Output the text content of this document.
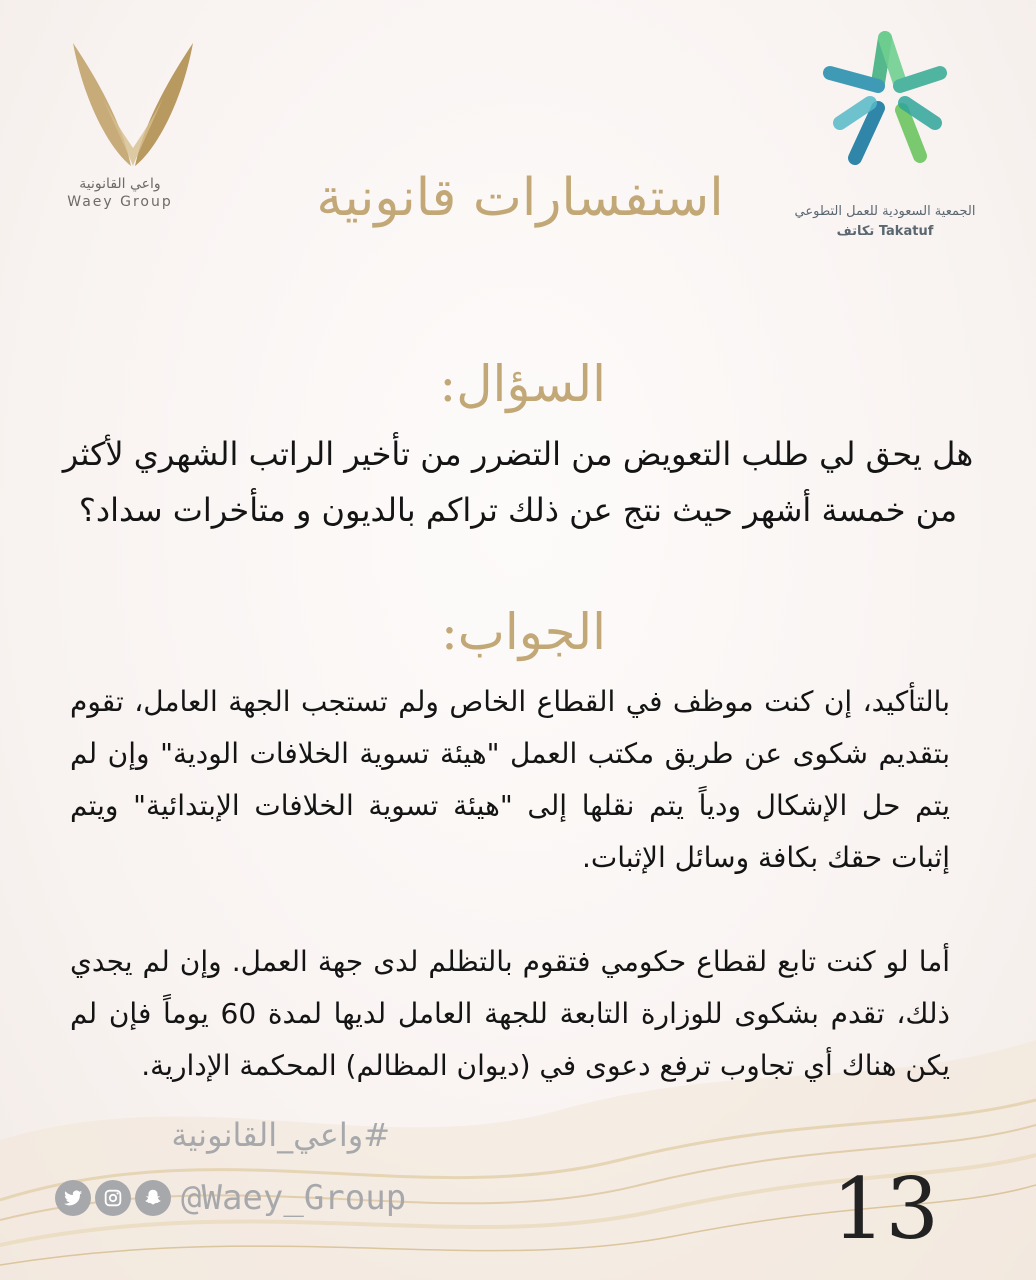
الجمعية السعودية للعمل التطوعي
Takatuf تكاتف
واعي القانونية
Waey Group	استفسارات قانونية
السؤال:
هل يحق لي طلب التعويض من التضرر من تأخير الراتب الشهري لأكثر من خمسة أشهر حيث نتج عن ذلك تراكم بالديون و متأخرات سداد؟
الجواب:

بالتأكيد، إن كنت موظف في القطاع الخاص ولم تستجب الجهة العامل، تقوم بتقديم شكوى عن طريق مكتب العمل "هيئة تسوية الخلافات الودية" وإن لم يتم حل الإشكال ودياً يتم نقلها إلى "هيئة تسوية الخلافات الإبتدائية" ويتم إثبات حقك بكافة وسائل الإثبات.

أما لو كنت تابع لقطاع حكومي فتقوم بالتظلم لدى جهة العمل. وإن لم يجدي ذلك، تقدم بشكوى للوزارة التابعة للجهة العامل لديها لمدة 60 يوماً فإن لم يكن هناك أي تجاوب ترفع دعوى في (ديوان المظالم) المحكمة الإدارية.

#واعي_القانونية
@Waey_Group	13
